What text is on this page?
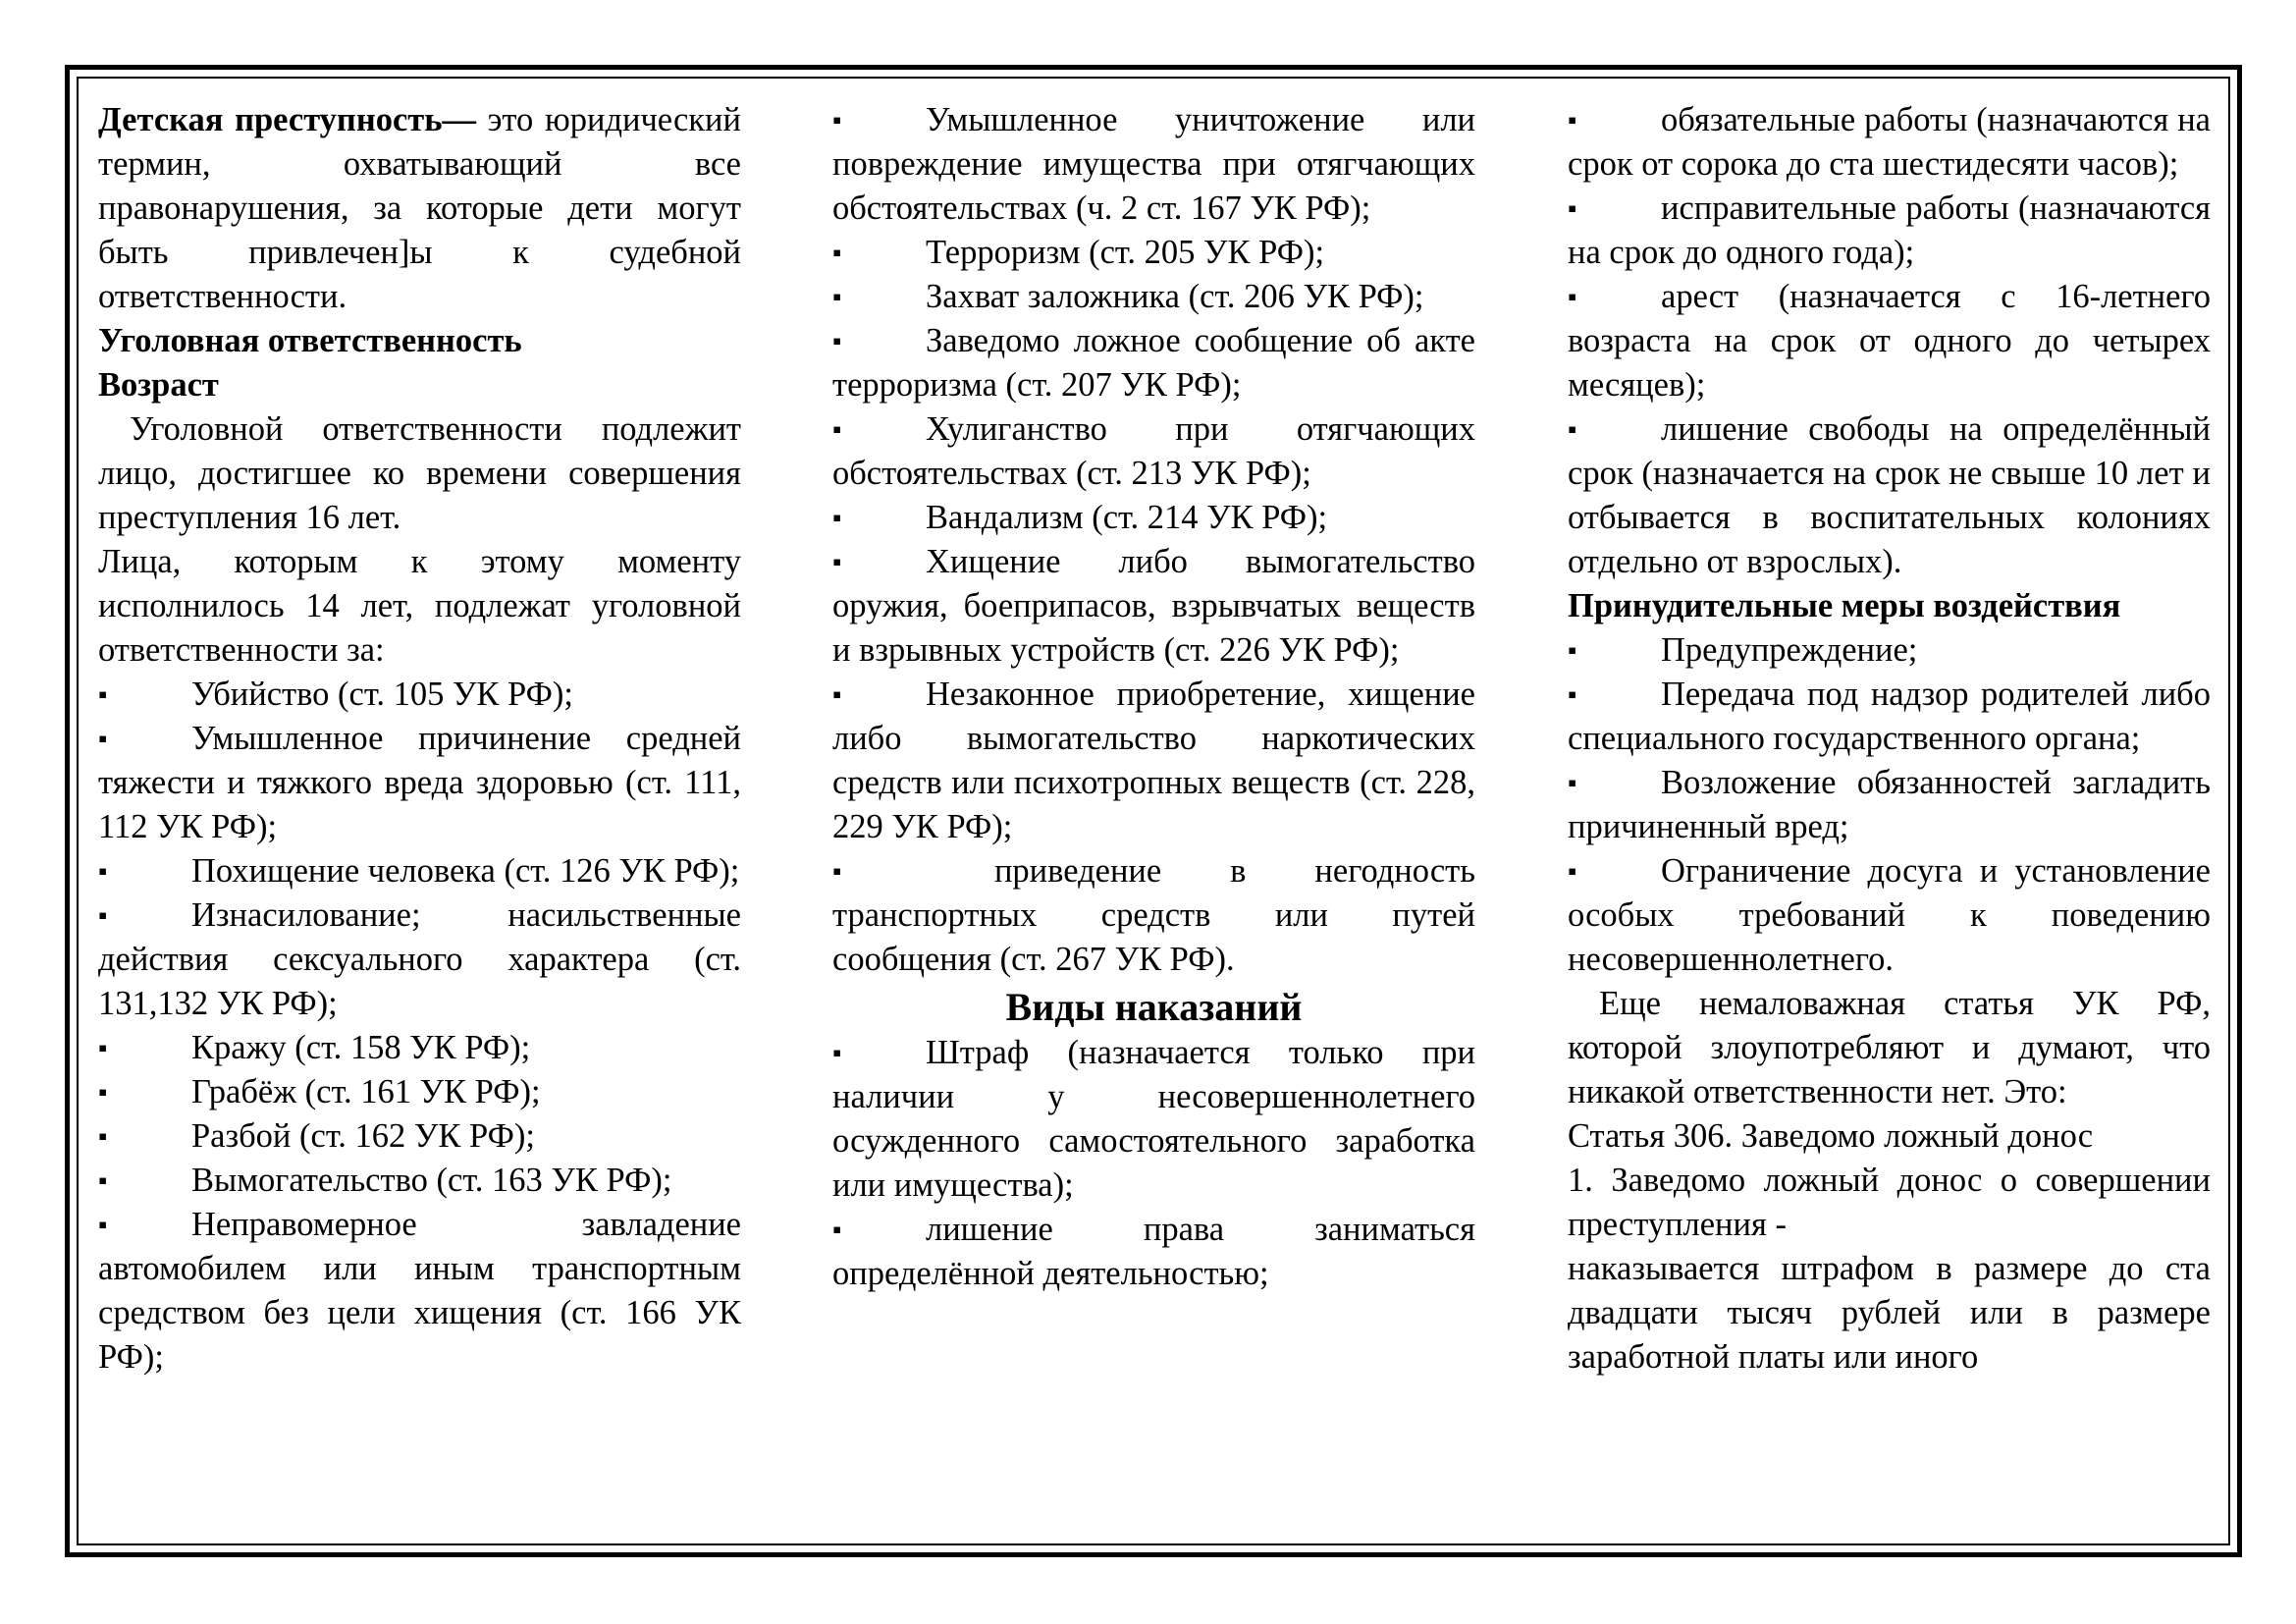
Детская преступность— это юридический термин, охватывающий все правонарушения, за которые дети могут быть привлечен]ы к судебной ответственности.

Уголовная ответственность

Возраст

Уголовной ответственности подлежит лицо, достигшее ко времени совершения преступления 16 лет.

Лица, которым к этому моменту исполнилось 14 лет, подлежат уголовной ответственности за:

▪ Убийство (ст. 105 УК РФ);

▪ Умышленное причинение средней тяжести и тяжкого вреда здоровью (ст. 111, 112 УК РФ);

▪ Похищение человека (ст. 126 УК РФ);

▪ Изнасилование; насильственные действия сексуального характера (ст. 131,132 УК РФ);

▪ Кражу (ст. 158 УК РФ);

▪ Грабёж (ст. 161 УК РФ);

▪ Разбой (ст. 162 УК РФ);

▪ Вымогательство (ст. 163 УК РФ);

▪ Неправомерное завладение автомобилем или иным транспортным средством без цели хищения (ст. 166 УК РФ);

▪ Умышленное уничтожение или повреждение имущества при отягчающих обстоятельствах (ч. 2 ст. 167 УК РФ);

▪ Терроризм (ст. 205 УК РФ);

▪ Захват заложника (ст. 206 УК РФ);

▪ Заведомо ложное сообщение об акте терроризма (ст. 207 УК РФ);

▪ Хулиганство при отягчающих обстоятельствах (ст. 213 УК РФ);

▪ Вандализм (ст. 214 УК РФ);

▪ Хищение либо вымогательство оружия, боеприпасов, взрывчатых веществ и взрывных устройств (ст. 226 УК РФ);

▪ Незаконное приобретение, хищение либо вымогательство наркотических средств или психотропных веществ (ст. 228, 229 УК РФ);

▪ приведение в негодность транспортных средств или путей сообщения (ст. 267 УК РФ).

Виды наказаний

▪ Штраф (назначается только при наличии у несовершеннолетнего осужденного самостоятельного заработка или имущества);

▪ лишение права заниматься определённой деятельностью;

▪ обязательные работы (назначаются на срок от сорока до ста шестидесяти часов);

▪ исправительные работы (назначаются на срок до одного года);

▪ арест (назначается с 16-летнего возраста на срок от одного до четырех месяцев);

▪ лишение свободы на определённый срок (назначается на срок не свыше 10 лет и отбывается в воспитательных колониях отдельно от взрослых).

Принудительные меры воздействия

▪ Предупреждение;

▪ Передача под надзор родителей либо специального государственного органа;

▪ Возложение обязанностей загладить причиненный вред;

▪ Ограничение досуга и установление особых требований к поведению несовершеннолетнего.

Еще немаловажная статья УК РФ, которой злоупотребляют и думают, что никакой ответственности нет. Это:

Статья 306. Заведомо ложный донос

1. Заведомо ложный донос о совершении преступления -

наказывается штрафом в размере до ста двадцати тысяч рублей или в размере заработной платы или иного
